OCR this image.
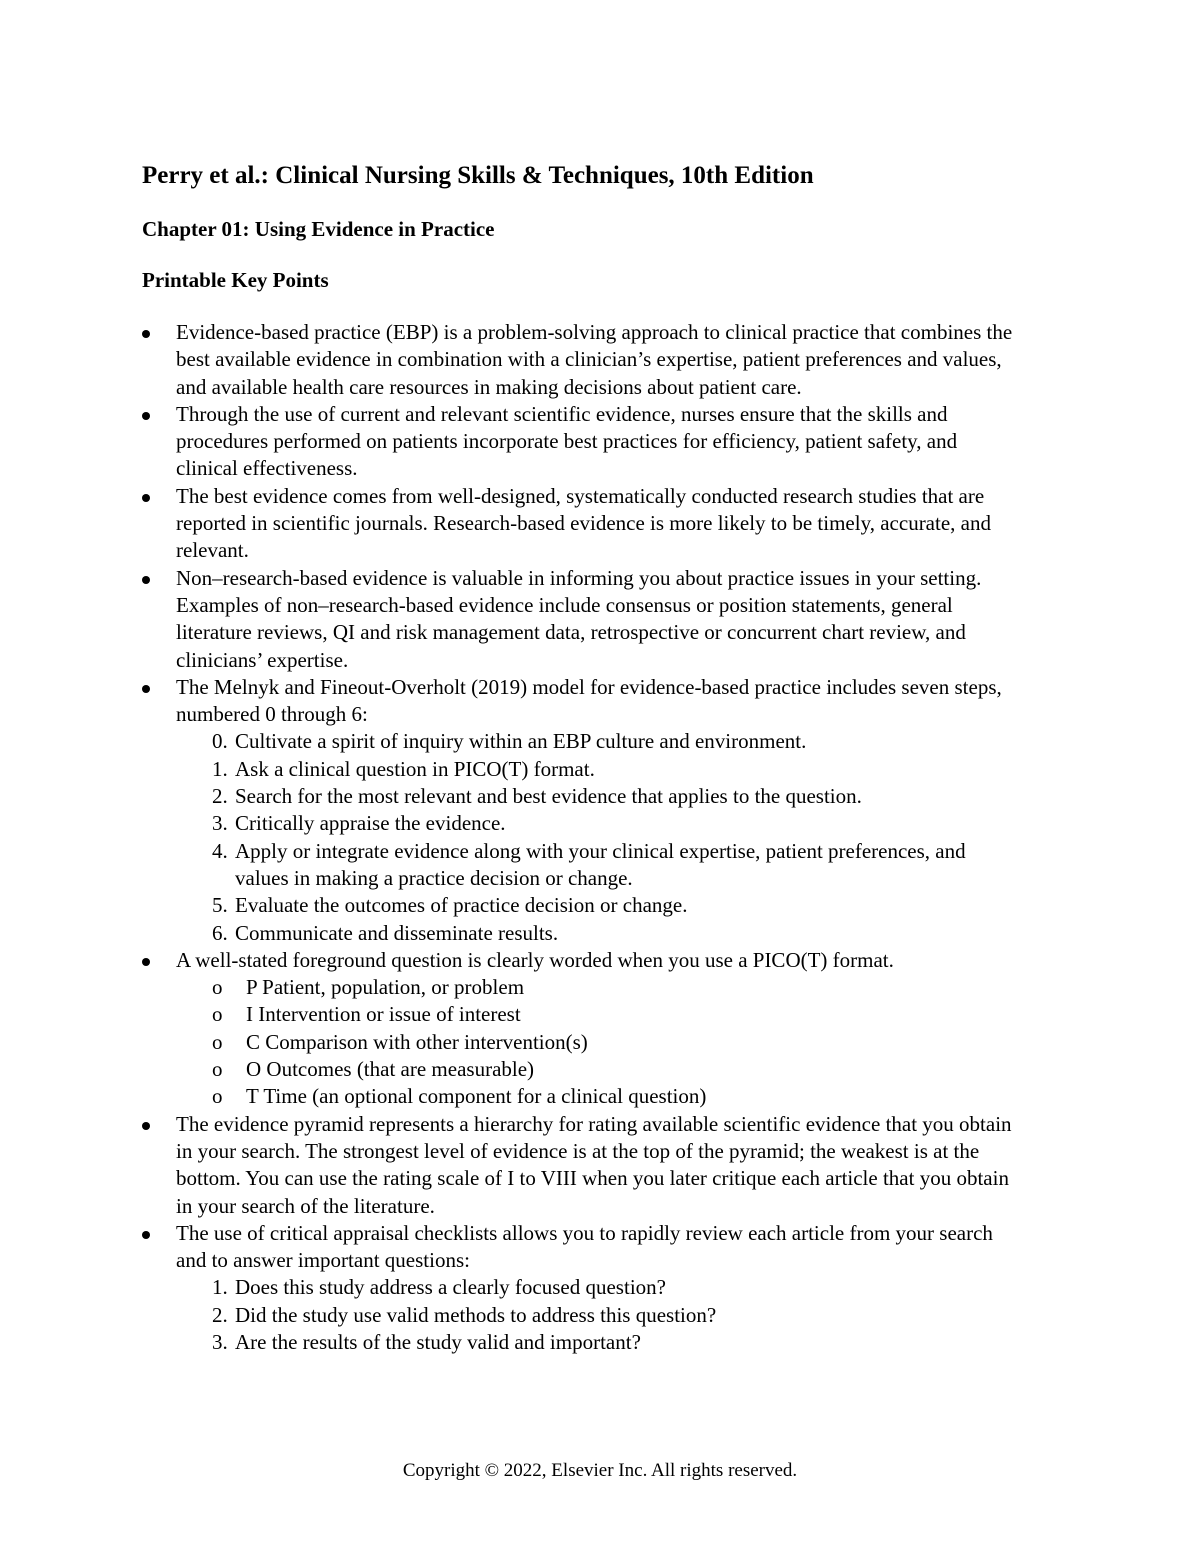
Perry et al.: Clinical Nursing Skills & Techniques, 10th Edition
Chapter 01: Using Evidence in Practice
Printable Key Points
Evidence-based practice (EBP) is a problem-solving approach to clinical practice that combines the best available evidence in combination with a clinician’s expertise, patient preferences and values, and available health care resources in making decisions about patient care.
Through the use of current and relevant scientific evidence, nurses ensure that the skills and procedures performed on patients incorporate best practices for efficiency, patient safety, and clinical effectiveness.
The best evidence comes from well-designed, systematically conducted research studies that are reported in scientific journals. Research-based evidence is more likely to be timely, accurate, and relevant.
Non–research-based evidence is valuable in informing you about practice issues in your setting. Examples of non–research-based evidence include consensus or position statements, general literature reviews, QI and risk management data, retrospective or concurrent chart review, and clinicians’ expertise.
The Melnyk and Fineout-Overholt (2019) model for evidence-based practice includes seven steps, numbered 0 through 6:
0. Cultivate a spirit of inquiry within an EBP culture and environment.
1. Ask a clinical question in PICO(T) format.
2. Search for the most relevant and best evidence that applies to the question.
3. Critically appraise the evidence.
4. Apply or integrate evidence along with your clinical expertise, patient preferences, and values in making a practice decision or change.
5. Evaluate the outcomes of practice decision or change.
6. Communicate and disseminate results.
A well-stated foreground question is clearly worded when you use a PICO(T) format.
o P Patient, population, or problem
o I Intervention or issue of interest
o C Comparison with other intervention(s)
o O Outcomes (that are measurable)
o T Time (an optional component for a clinical question)
The evidence pyramid represents a hierarchy for rating available scientific evidence that you obtain in your search. The strongest level of evidence is at the top of the pyramid; the weakest is at the bottom. You can use the rating scale of I to VIII when you later critique each article that you obtain in your search of the literature.
The use of critical appraisal checklists allows you to rapidly review each article from your search and to answer important questions:
1. Does this study address a clearly focused question?
2. Did the study use valid methods to address this question?
3. Are the results of the study valid and important?
Copyright © 2022, Elsevier Inc. All rights reserved.
